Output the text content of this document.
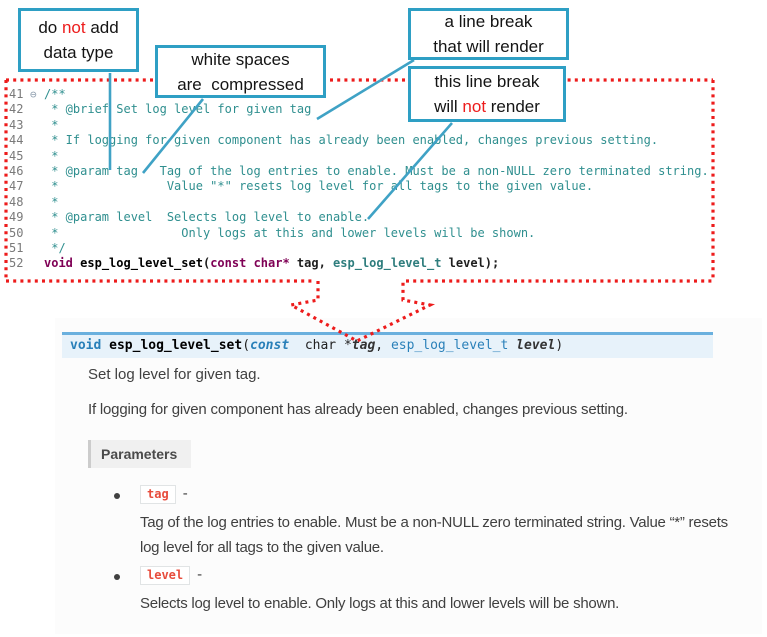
do not add
data type	white spaces
are  compressed
a line break
that will render
this line break
will not render
41 ⊖ /**
42 * @brief Set log level for given tag
43 *
44 * If logging for given component has already been enabled, changes previous setting.
45 *
46 * @param tag   Tag of the log entries to enable. Must be a non-NULL zero terminated string.
47 *               Value "*" resets log level for all tags to the given value.
48 *
49 * @param level  Selects log level to enable.
50 *                 Only logs at this and lower levels will be shown.
51 */
52 void esp_log_level_set(const char* tag, esp_log_level_t level);
void esp_log_level_set(const  char *tag, esp_log_level_t level)
Set log level for given tag.
If logging for given component has already been enabled, changes previous setting.
Parameters
tag -
Tag of the log entries to enable. Must be a non-NULL zero terminated string. Value “*” resets log level for all tags to the given value.
level -
Selects log level to enable. Only logs at this and lower levels will be shown.
